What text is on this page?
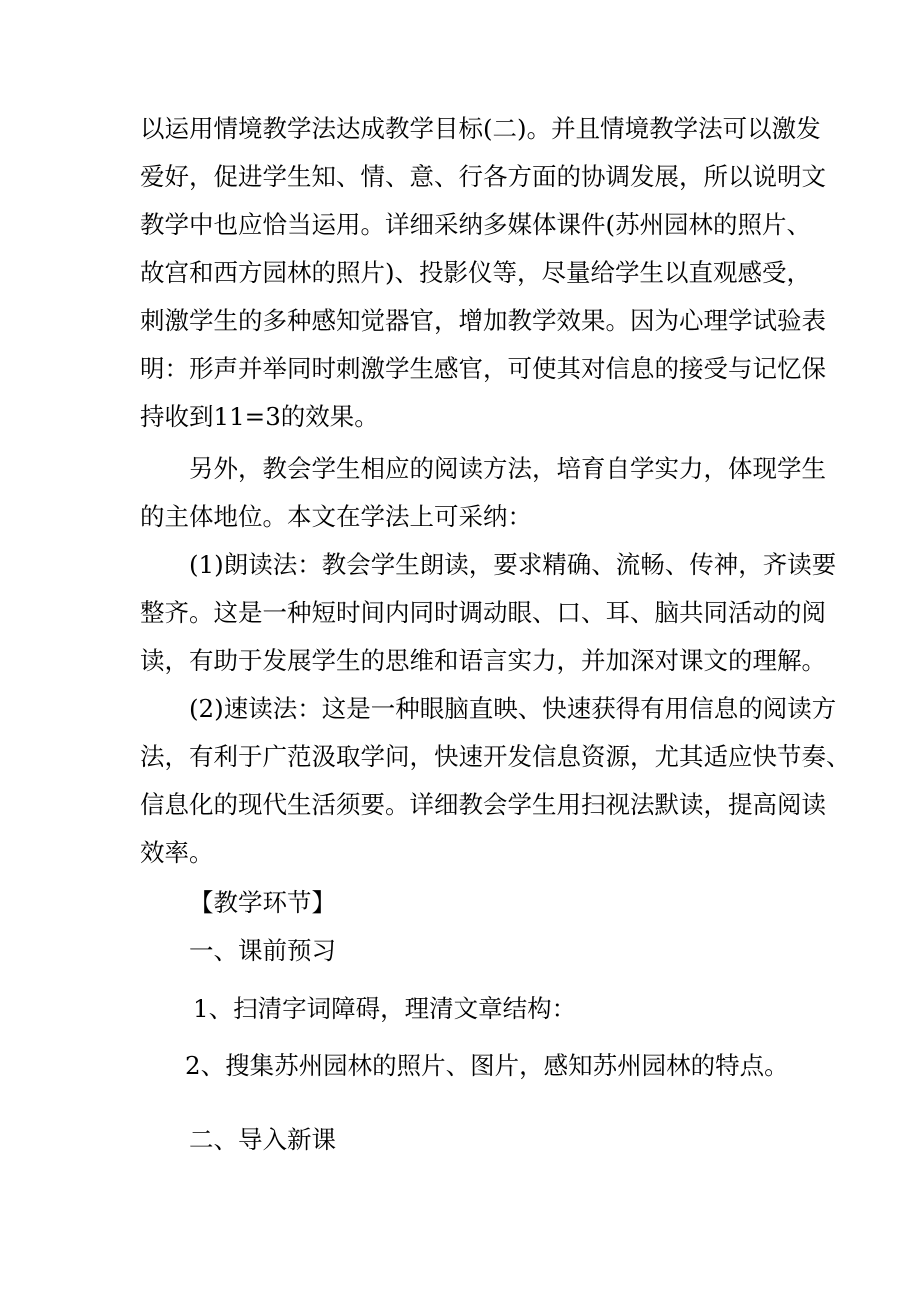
以运用情境教学法达成教学目标(二)。并且情境教学法可以激发
爱好，促进学生知、情、意、行各方面的协调发展，所以说明文
教学中也应恰当运用。详细采纳多媒体课件(苏州园林的照片、
故宫和西方园林的照片)、投影仪等，尽量给学生以直观感受，
刺激学生的多种感知觉器官，增加教学效果。因为心理学试验表
明：形声并举同时刺激学生感官，可使其对信息的接受与记忆保
持收到11=3的效果。
另外，教会学生相应的阅读方法，培育自学实力，体现学生
的主体地位。本文在学法上可采纳：
(1)朗读法：教会学生朗读，要求精确、流畅、传神，齐读要
整齐。这是一种短时间内同时调动眼、口、耳、脑共同活动的阅
读，有助于发展学生的思维和语言实力，并加深对课文的理解。
(2)速读法：这是一种眼脑直映、快速获得有用信息的阅读方
法，有利于广范汲取学问，快速开发信息资源，尤其适应快节奏、
信息化的现代生活须要。详细教会学生用扫视法默读，提高阅读
效率。
【教学环节】
一、课前预习
1、扫清字词障碍，理清文章结构：
2、搜集苏州园林的照片、图片，感知苏州园林的特点。
二、导入新课
